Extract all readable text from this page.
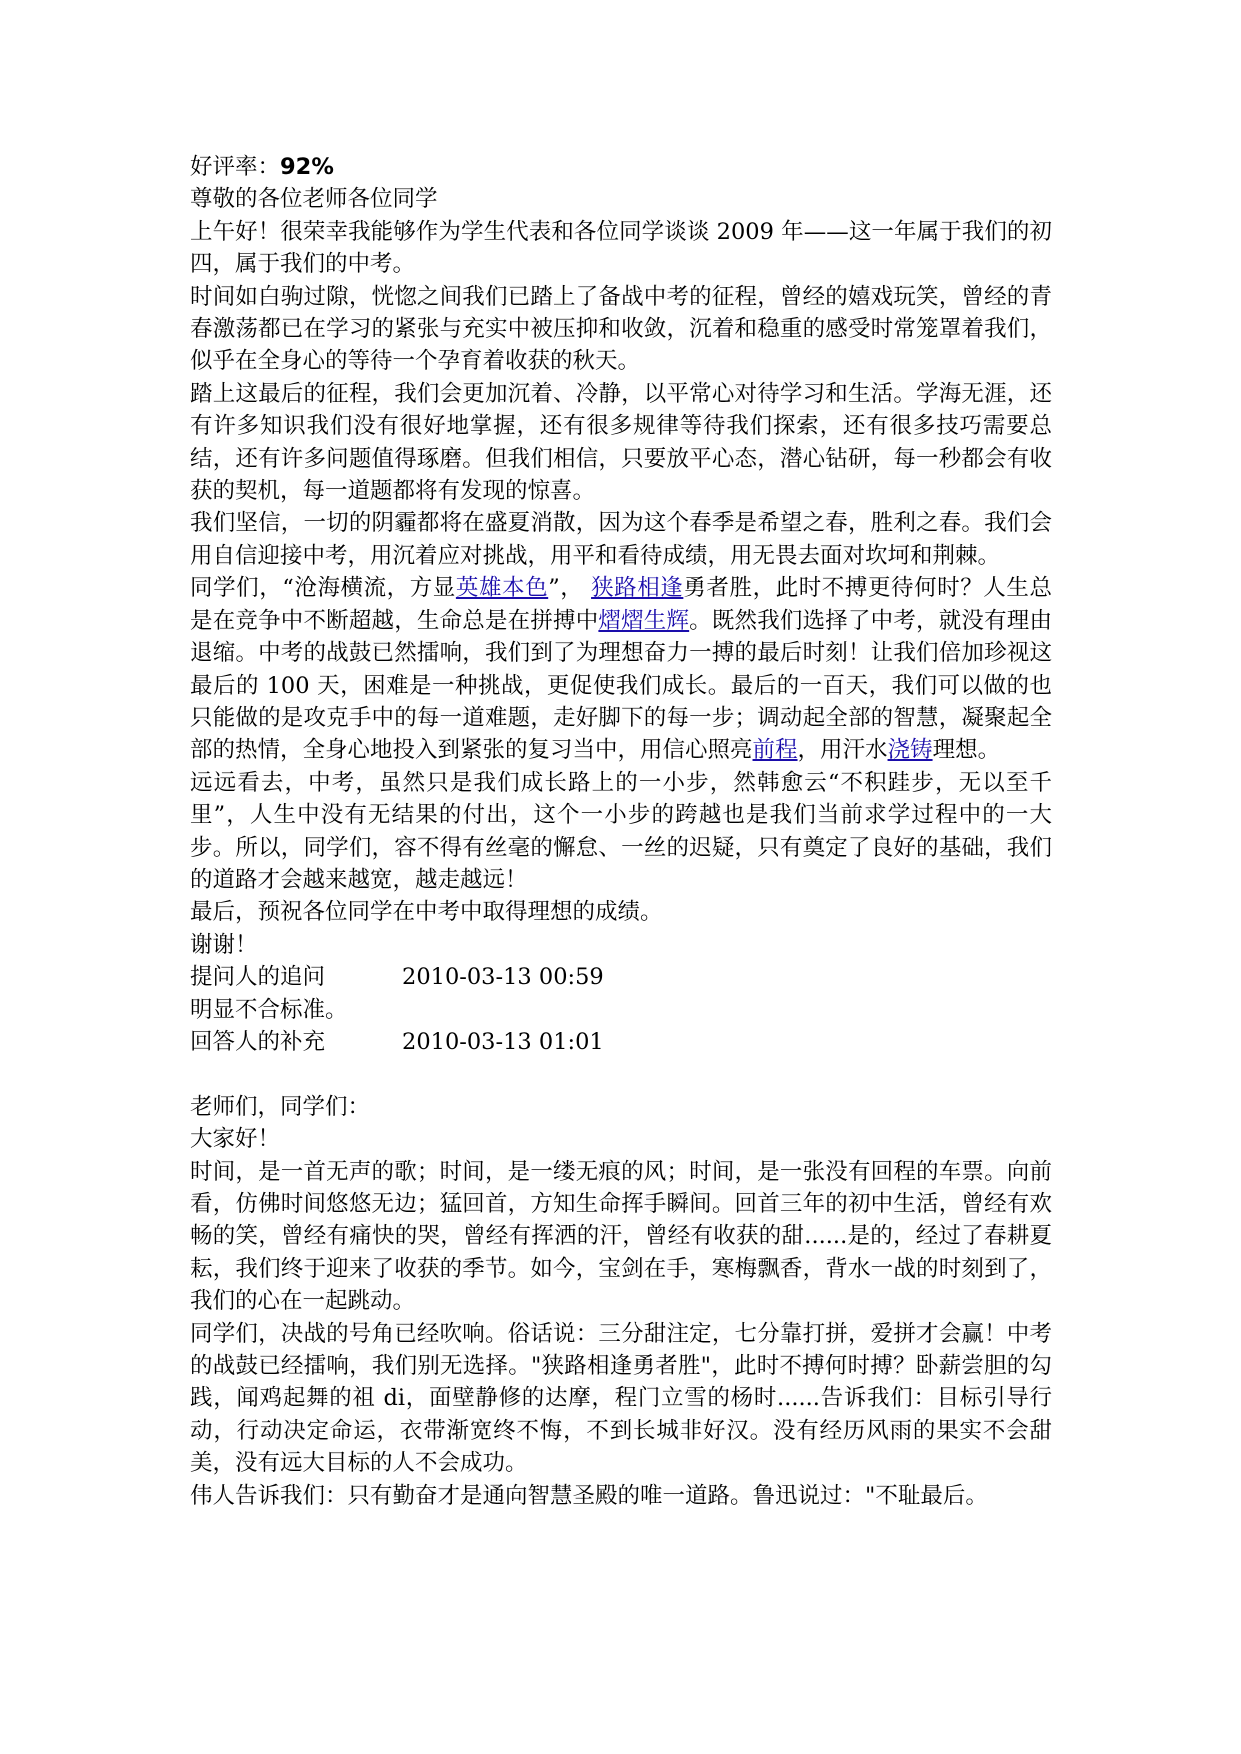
好评率：92%

尊敬的各位老师各位同学

上午好！很荣幸我能够作为学生代表和各位同学谈谈 2009 年——这一年属于我们的初四，属于我们的中考。

时间如白驹过隙，恍惚之间我们已踏上了备战中考的征程，曾经的嬉戏玩笑，曾经的青春激荡都已在学习的紧张与充实中被压抑和收敛，沉着和稳重的感受时常笼罩着我们，似乎在全身心的等待一个孕育着收获的秋天。

踏上这最后的征程，我们会更加沉着、冷静，以平常心对待学习和生活。学海无涯，还有许多知识我们没有很好地掌握，还有很多规律等待我们探索，还有很多技巧需要总结，还有许多问题值得琢磨。但我们相信，只要放平心态，潜心钻研，每一秒都会有收获的契机，每一道题都将有发现的惊喜。

我们坚信，一切的阴霾都将在盛夏消散，因为这个春季是希望之春，胜利之春。我们会用自信迎接中考，用沉着应对挑战，用平和看待成绩，用无畏去面对坎坷和荆棘。

同学们，“沧海横流，方显英雄本色”， 狭路相逢勇者胜，此时不搏更待何时？人生总是在竞争中不断超越，生命总是在拼搏中熠熠生辉。既然我们选择了中考，就没有理由退缩。中考的战鼓已然擂响，我们到了为理想奋力一搏的最后时刻！让我们倍加珍视这最后的 100 天，困难是一种挑战，更促使我们成长。最后的一百天，我们可以做的也只能做的是攻克手中的每一道难题，走好脚下的每一步；调动起全部的智慧，凝聚起全部的热情，全身心地投入到紧张的复习当中，用信心照亮前程，用汗水浇铸理想。

远远看去，中考，虽然只是我们成长路上的一小步，然韩愈云“不积跬步，无以至千里”，人生中没有无结果的付出，这个一小步的跨越也是我们当前求学过程中的一大步。所以，同学们，容不得有丝毫的懈怠、一丝的迟疑，只有奠定了良好的基础，我们的道路才会越来越宽，越走越远！

最后，预祝各位同学在中考中取得理想的成绩。

谢谢！

提问人的追问	2010-03-13 00:59

明显不合标准。

回答人的补充	2010-03-13 01:01

老师们，同学们：

大家好！

时间，是一首无声的歌；时间，是一缕无痕的风；时间，是一张没有回程的车票。向前看，仿佛时间悠悠无边；猛回首，方知生命挥手瞬间。回首三年的初中生活，曾经有欢畅的笑，曾经有痛快的哭，曾经有挥洒的汗，曾经有收获的甜......是的，经过了春耕夏耘，我们终于迎来了收获的季节。如今，宝剑在手，寒梅飘香，背水一战的时刻到了，我们的心在一起跳动。

同学们，决战的号角已经吹响。俗话说：三分甜注定，七分靠打拼，爱拼才会赢！中考的战鼓已经擂响，我们别无选择。"狭路相逢勇者胜"，此时不搏何时搏？卧薪尝胆的勾践，闻鸡起舞的祖 di，面壁静修的达摩，程门立雪的杨时......告诉我们：目标引导行动，行动决定命运，衣带渐宽终不悔，不到长城非好汉。没有经历风雨的果实不会甜美，没有远大目标的人不会成功。

伟人告诉我们：只有勤奋才是通向智慧圣殿的唯一道路。鲁迅说过："不耻最后。
